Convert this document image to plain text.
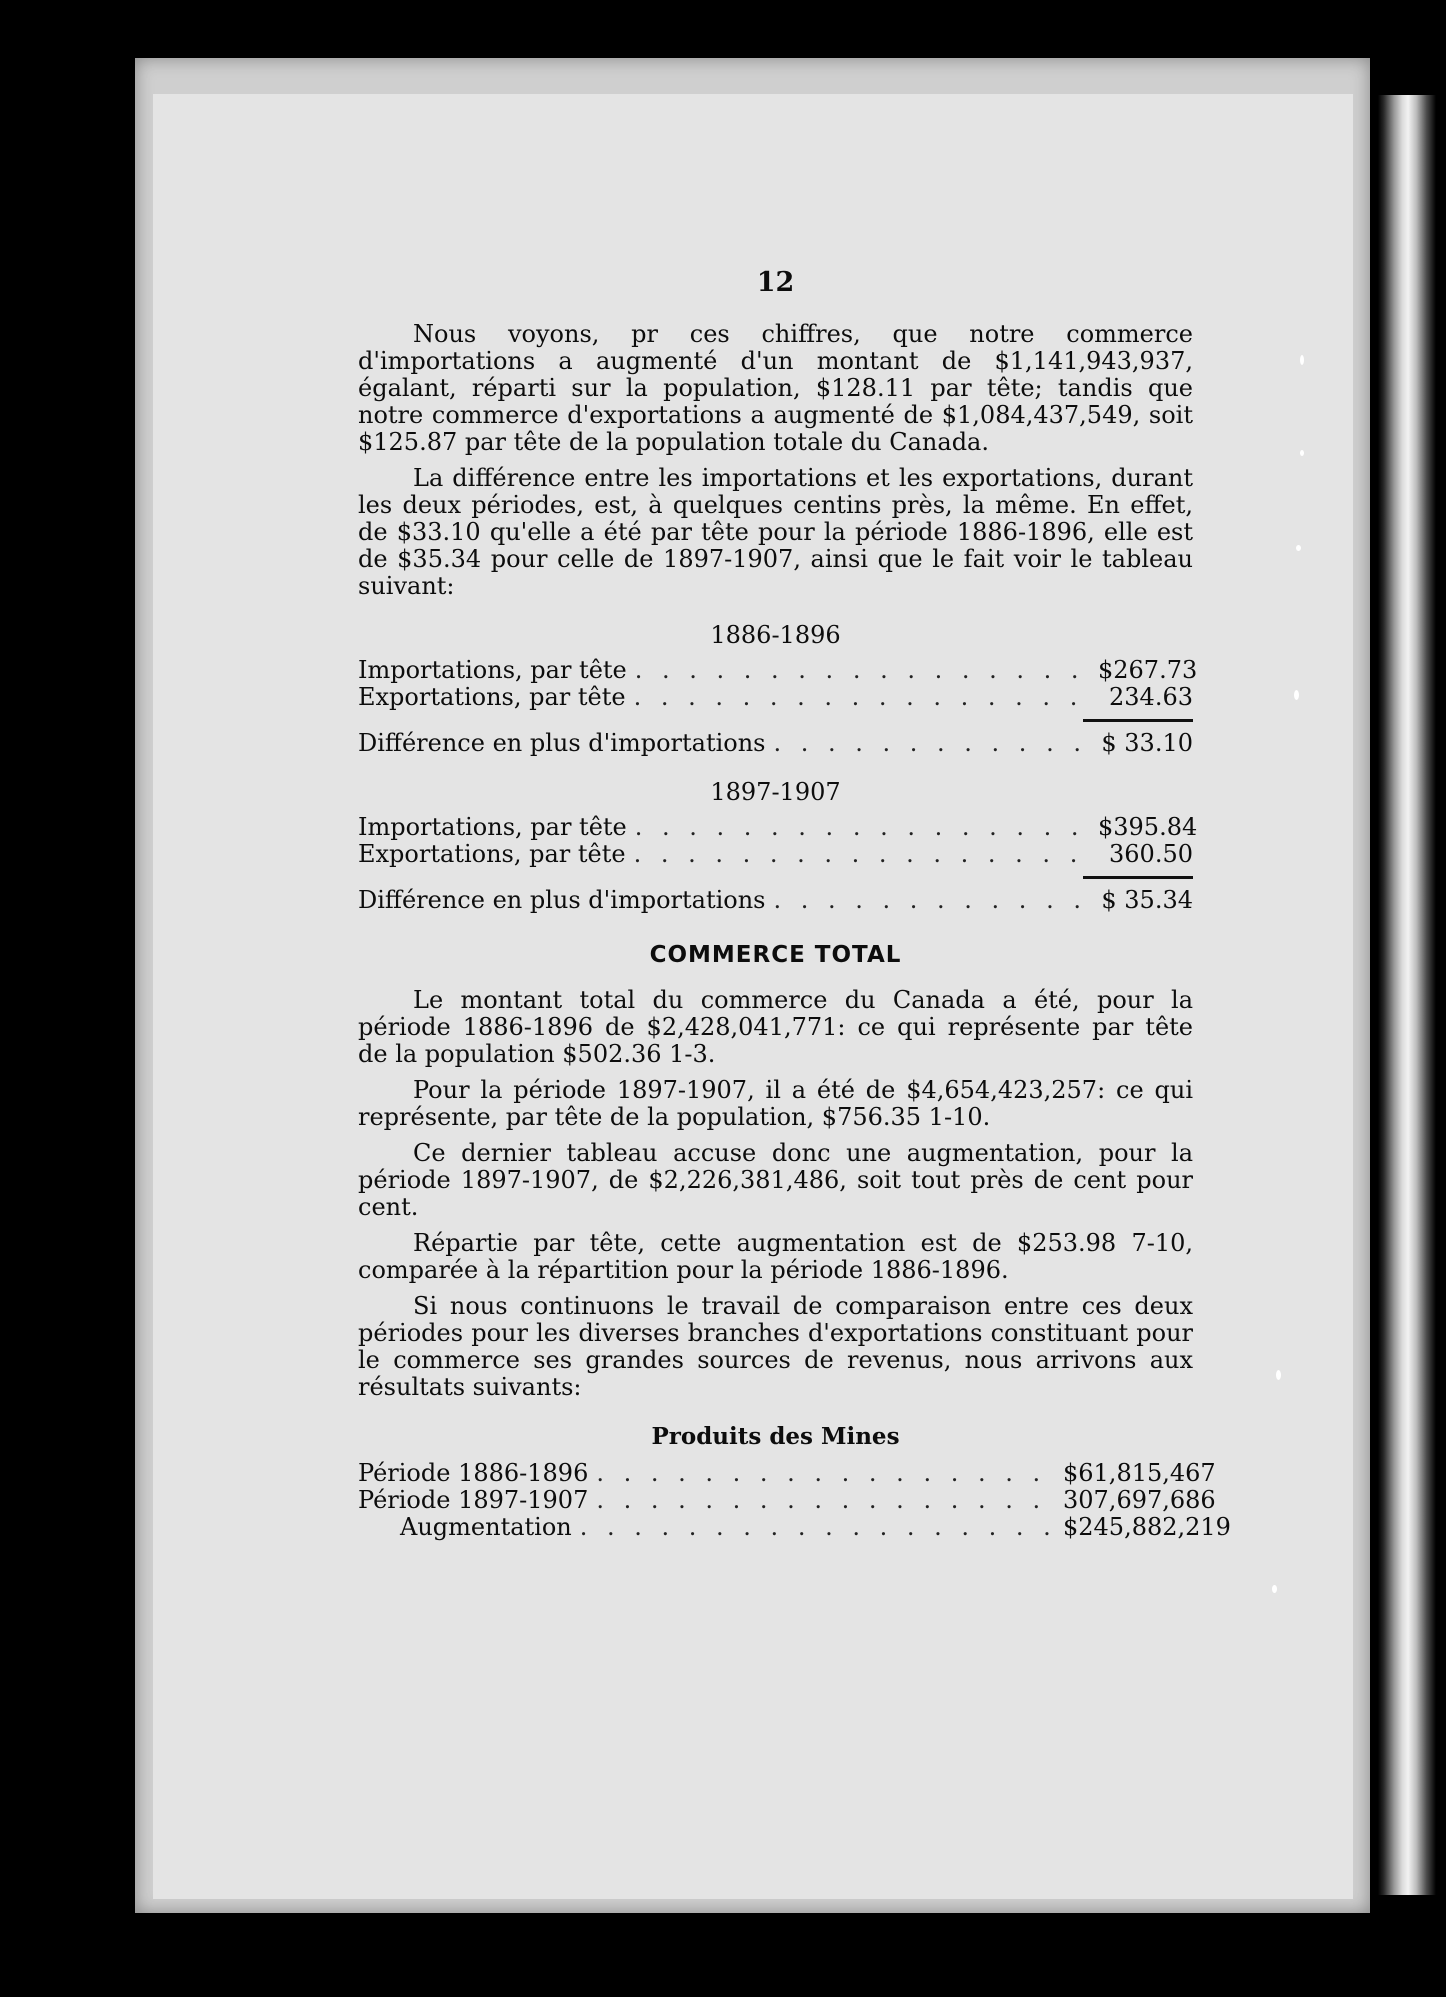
12

Nous voyons, pr ces chiffres, que notre commerce d'importations a augmenté d'un montant de $1,141,943,937, égalant, réparti sur la population, $128.11 par tête; tandis que notre commerce d'exportations a augmenté de $1,084,437,549, soit $125.87 par tête de la population totale du Canada.

La différence entre les importations et les exportations, durant les deux périodes, est, à quelques centins près, la même. En effet, de $33.10 qu'elle a été par tête pour la période 1886-1896, elle est de $35.34 pour celle de 1897-1907, ainsi que le fait voir le tableau suivant:

1886-1896
Importations, par tête . . .	$267.73
Exportations, par tête . . .	234.63
Différence en plus d'importations . . .	$ 33.10
1897-1907
Importations, par tête . . .	$395.84
Exportations, par tête . . .	360.50
Différence en plus d'importations . . .	$ 35.34
COMMERCE TOTAL

Le montant total du commerce du Canada a été, pour la période 1886-1896 de $2,428,041,771: ce qui représente par tête de la population $502.36 1-3.

Pour la période 1897-1907, il a été de $4,654,423,257: ce qui représente, par tête de la population, $756.35 1-10.

Ce dernier tableau accuse donc une augmentation, pour la période 1897-1907, de $2,226,381,486, soit tout près de cent pour cent.

Répartie par tête, cette augmentation est de $253.98 7-10, comparée à la répartition pour la période 1886-1896.

Si nous continuons le travail de comparaison entre ces deux périodes pour les diverses branches d'exportations constituant pour le commerce ses grandes sources de revenus, nous arrivons aux résultats suivants:

Produits des Mines
Période 1886-1896 . . .	$61,815,467
Période 1897-1907 . . .	307,697,686
Augmentation . . .	$245,882,219
